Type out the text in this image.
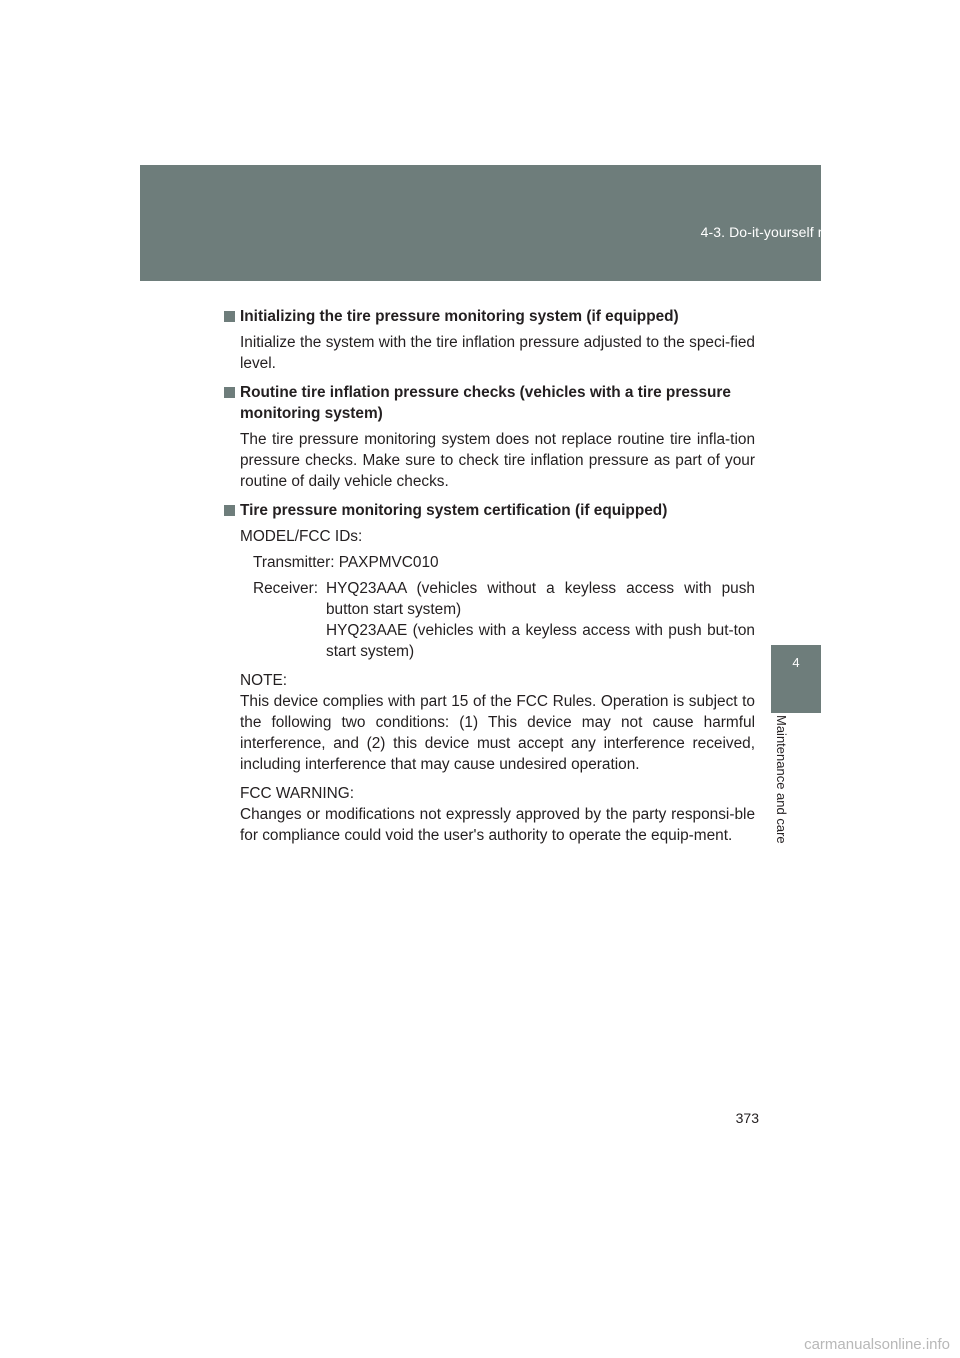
4-3. Do-it-yourself maintenance
4
Maintenance and care
Initializing the tire pressure monitoring system (if equipped)

Initialize the system with the tire inflation pressure adjusted to the speci-fied level.

Routine tire inflation pressure checks (vehicles with a tire pressure monitoring system)

The tire pressure monitoring system does not replace routine tire infla-tion pressure checks. Make sure to check tire inflation pressure as part of your routine of daily vehicle checks.

Tire pressure monitoring system certification (if equipped)

MODEL/FCC IDs:

Transmitter: PAXPMVC010

Receiver: HYQ23AAA (vehicles without a keyless access with push button start system)
HYQ23AAE (vehicles with a keyless access with push but-ton start system)

NOTE:

This device complies with part 15 of the FCC Rules. Operation is subject to the following two conditions: (1) This device may not cause harmful interference, and (2) this device must accept any interference received, including interference that may cause undesired operation.

FCC WARNING:

Changes or modifications not expressly approved by the party responsi-ble for compliance could void the user's authority to operate the equip-ment.

373
carmanualsonline.info
